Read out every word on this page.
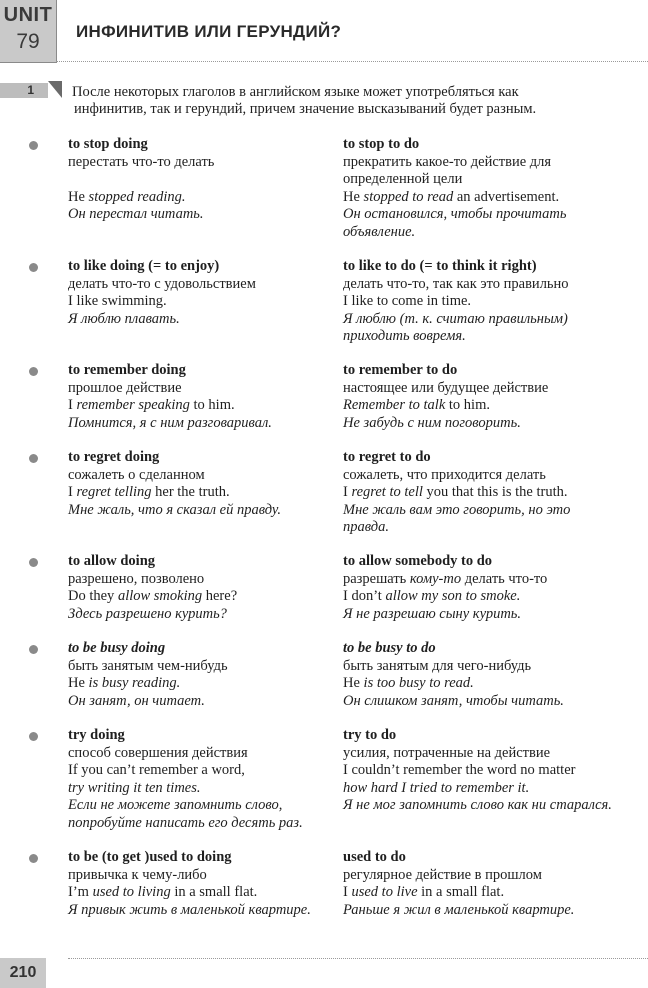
UNIT
79	ИНФИНИТИВ ИЛИ ГЕРУНДИЙ?
1	После некоторых глаголов в английском языке может употребляться как
инфинитив, так и герундий, причем значение высказываний будет разным.
to stop doing
перестать что-то делать
He stopped reading.
Он перестал читать.
to stop to do
прекратить какое-то действие для
определенной цели
He stopped to read an advertisement.
Он остановился, чтобы прочитать
объявление.
to like doing (= to enjoy)
делать что-то с удовольствием
I like swimming.
Я люблю плавать.
to like to do (= to think it right)
делать что-то, так как это правильно
I like to come in time.
Я люблю (т. к. считаю правильным)
приходить вовремя.
to remember doing
прошлое действие
I remember speaking to him.
Помнится, я с ним разговаривал.
to remember to do
настоящее или будущее действие
Remember to talk to him.
Не забудь с ним поговорить.
to regret doing
сожалеть о сделанном
I regret telling her the truth.
Мне жаль, что я сказал ей правду.
to regret to do
сожалеть, что приходится делать
I regret to tell you that this is the truth.
Мне жаль вам это говорить, но это
правда.
to allow doing
разрешено, позволено
Do they allow smoking here?
Здесь разрешено курить?
to allow somebody to do
разрешать кому-то делать что-то
I don’t allow my son to smoke.
Я не разрешаю сыну курить.
to be busy doing
быть занятым чем-нибудь
He is busy reading.
Он занят, он читает.
to be busy to do
быть занятым для чего-нибудь
He is too busy to read.
Он слишком занят, чтобы читать.
try doing
способ совершения действия
If you can’t remember a word,
try writing it ten times.
Если не можете запомнить слово,
попробуйте написать его десять раз.
try to do
усилия, потраченные на действие
I couldn’t remember the word no matter
how hard I tried to remember it.
Я не мог запомнить слово как ни старался.
to be (to get )used to doing
привычка к чему-либо
I’m used to living in a small flat.
Я привык жить в маленькой квартире.
used to do
регулярное действие в прошлом
I used to live in a small flat.
Раньше я жил в маленькой квартире.
210
